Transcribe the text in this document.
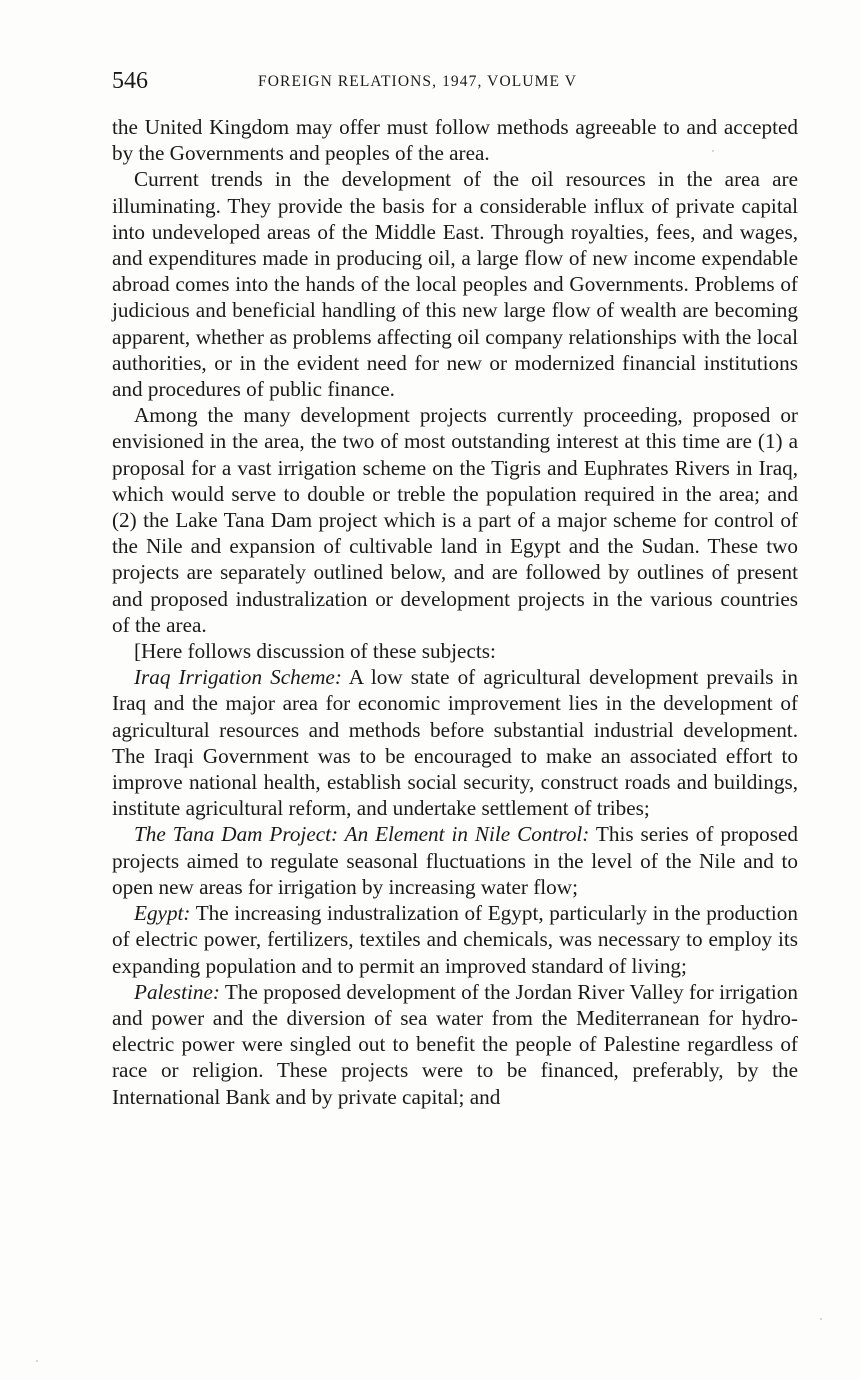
546	FOREIGN RELATIONS, 1947, VOLUME V

the United Kingdom may offer must follow methods agreeable to and accepted by the Governments and peoples of the area.

Current trends in the development of the oil resources in the area are illuminating. They provide the basis for a considerable influx of private capital into undeveloped areas of the Middle East. Through royalties, fees, and wages, and expenditures made in producing oil, a large flow of new income expendable abroad comes into the hands of the local peoples and Governments. Problems of judicious and beneficial handling of this new large flow of wealth are becoming apparent, whether as problems affecting oil company relationships with the local authorities, or in the evident need for new or modernized financial institutions and procedures of public finance.

Among the many development projects currently proceeding, proposed or envisioned in the area, the two of most outstanding interest at this time are (1) a proposal for a vast irrigation scheme on the Tigris and Euphrates Rivers in Iraq, which would serve to double or treble the population required in the area; and (2) the Lake Tana Dam project which is a part of a major scheme for control of the Nile and expansion of cultivable land in Egypt and the Sudan. These two projects are separately outlined below, and are followed by outlines of present and proposed industralization or development projects in the various countries of the area.

[Here follows discussion of these subjects:

Iraq Irrigation Scheme: A low state of agricultural development prevails in Iraq and the major area for economic improvement lies in the development of agricultural resources and methods before substantial industrial development. The Iraqi Government was to be encouraged to make an associated effort to improve national health, establish social security, construct roads and buildings, institute agricultural reform, and undertake settlement of tribes;

The Tana Dam Project: An Element in Nile Control: This series of proposed projects aimed to regulate seasonal fluctuations in the level of the Nile and to open new areas for irrigation by increasing water flow;

Egypt: The increasing industralization of Egypt, particularly in the production of electric power, fertilizers, textiles and chemicals, was necessary to employ its expanding population and to permit an improved standard of living;

Palestine: The proposed development of the Jordan River Valley for irrigation and power and the diversion of sea water from the Mediterranean for hydro-electric power were singled out to benefit the people of Palestine regardless of race or religion. These projects were to be financed, preferably, by the International Bank and by private capital; and
